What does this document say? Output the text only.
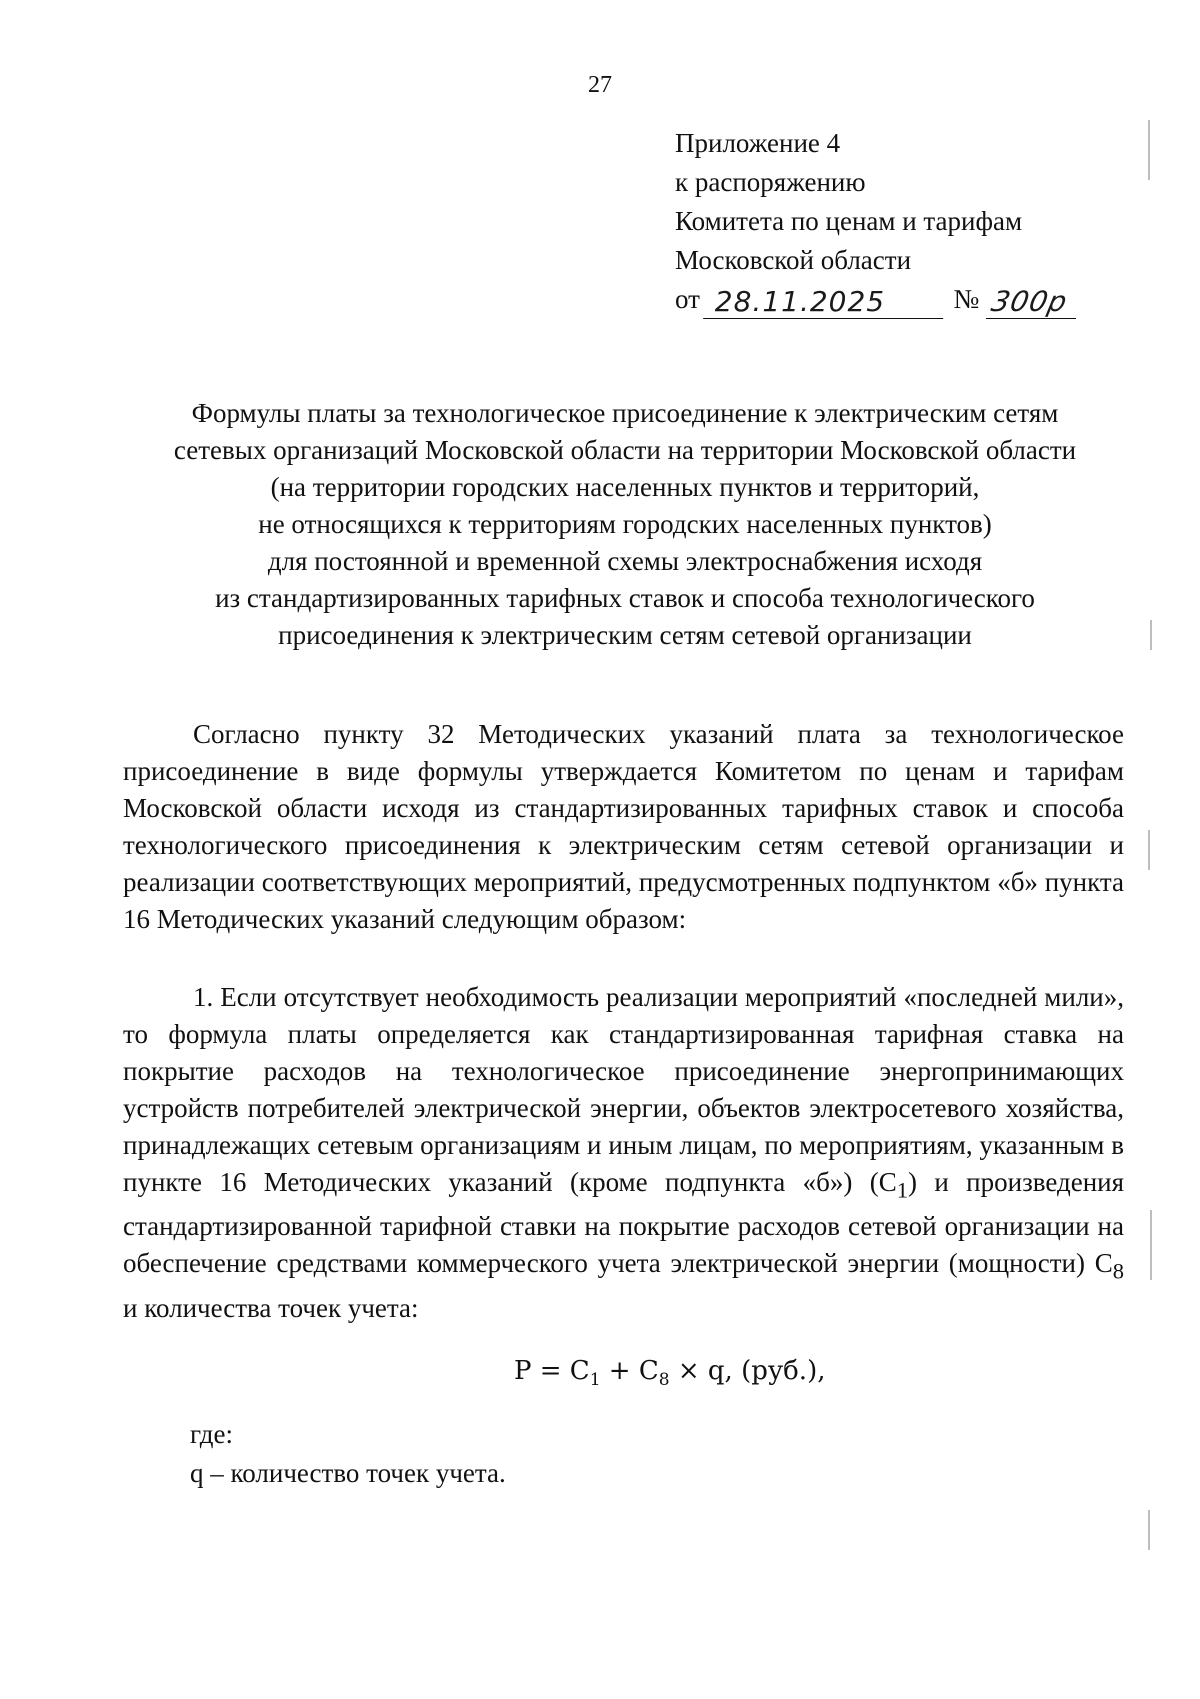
27
Приложение 4
к распоряжению
Комитета по ценам и тарифам
Московской области
от 28.11.2025	№ 300р
Формулы платы за технологическое присоединение к электрическим сетям
сетевых организаций Московской области на территории Московской области
(на территории городских населенных пунктов и территорий,
не относящихся к территориям городских населенных пунктов)
для постоянной и временной схемы электроснабжения исходя
из стандартизированных тарифных ставок и способа технологического
присоединения к электрическим сетям сетевой организации
Согласно пункту 32 Методических указаний плата за технологическое присоединение в виде формулы утверждается Комитетом по ценам и тарифам Московской области исходя из стандартизированных тарифных ставок и способа технологического присоединения к электрическим сетям сетевой организации и реализации соответствующих мероприятий, предусмотренных подпунктом «б» пункта 16 Методических указаний следующим образом:
1. Если отсутствует необходимость реализации мероприятий «последней мили», то формула платы определяется как стандартизированная тарифная ставка на покрытие расходов на технологическое присоединение энергопринимающих устройств потребителей электрической энергии, объектов электросетевого хозяйства, принадлежащих сетевым организациям и иным лицам, по мероприятиям, указанным в пункте 16 Методических указаний (кроме подпункта «б») $(С_1)$ и произведения стандартизированной тарифной ставки на покрытие расходов сетевой организации на обеспечение средствами коммерческого учета электрической энергии (мощности) $С_8$ и количества точек учета:
$P = C_1 + C_8 \times q$, (руб.),
где:
q – количество точек учета.
